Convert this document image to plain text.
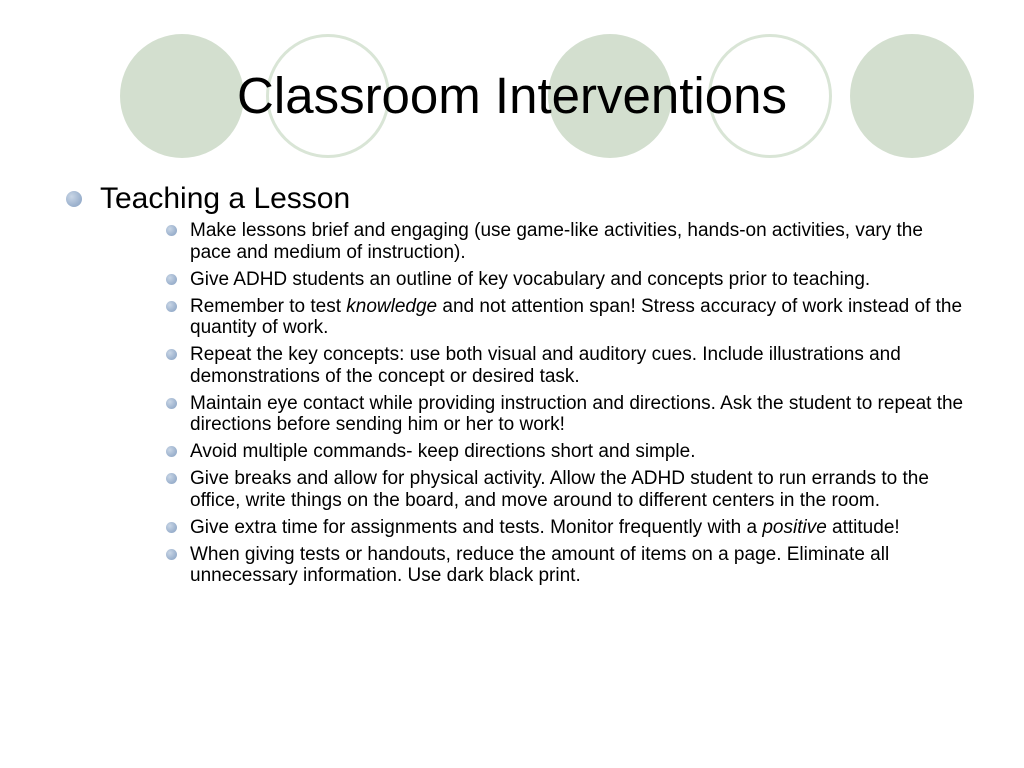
Classroom Interventions
Teaching a Lesson
Make lessons brief and engaging (use game-like activities, hands-on activities, vary the pace and medium of instruction).
Give ADHD students an outline of key vocabulary and concepts prior to teaching.
Remember to test knowledge and not attention span! Stress accuracy of work instead of the quantity of work.
Repeat the key concepts: use both visual and auditory cues. Include illustrations and demonstrations of the concept or desired task.
Maintain eye contact while providing instruction and directions. Ask the student to repeat the directions before sending him or her to work!
Avoid multiple commands- keep directions short and simple.
Give breaks and allow for physical activity. Allow the ADHD student to run errands to the office, write things on the board, and move around to different centers in the room.
Give extra time for assignments and tests. Monitor frequently with a positive attitude!
When giving tests or handouts, reduce the amount of items on a page. Eliminate all unnecessary information. Use dark black print.
